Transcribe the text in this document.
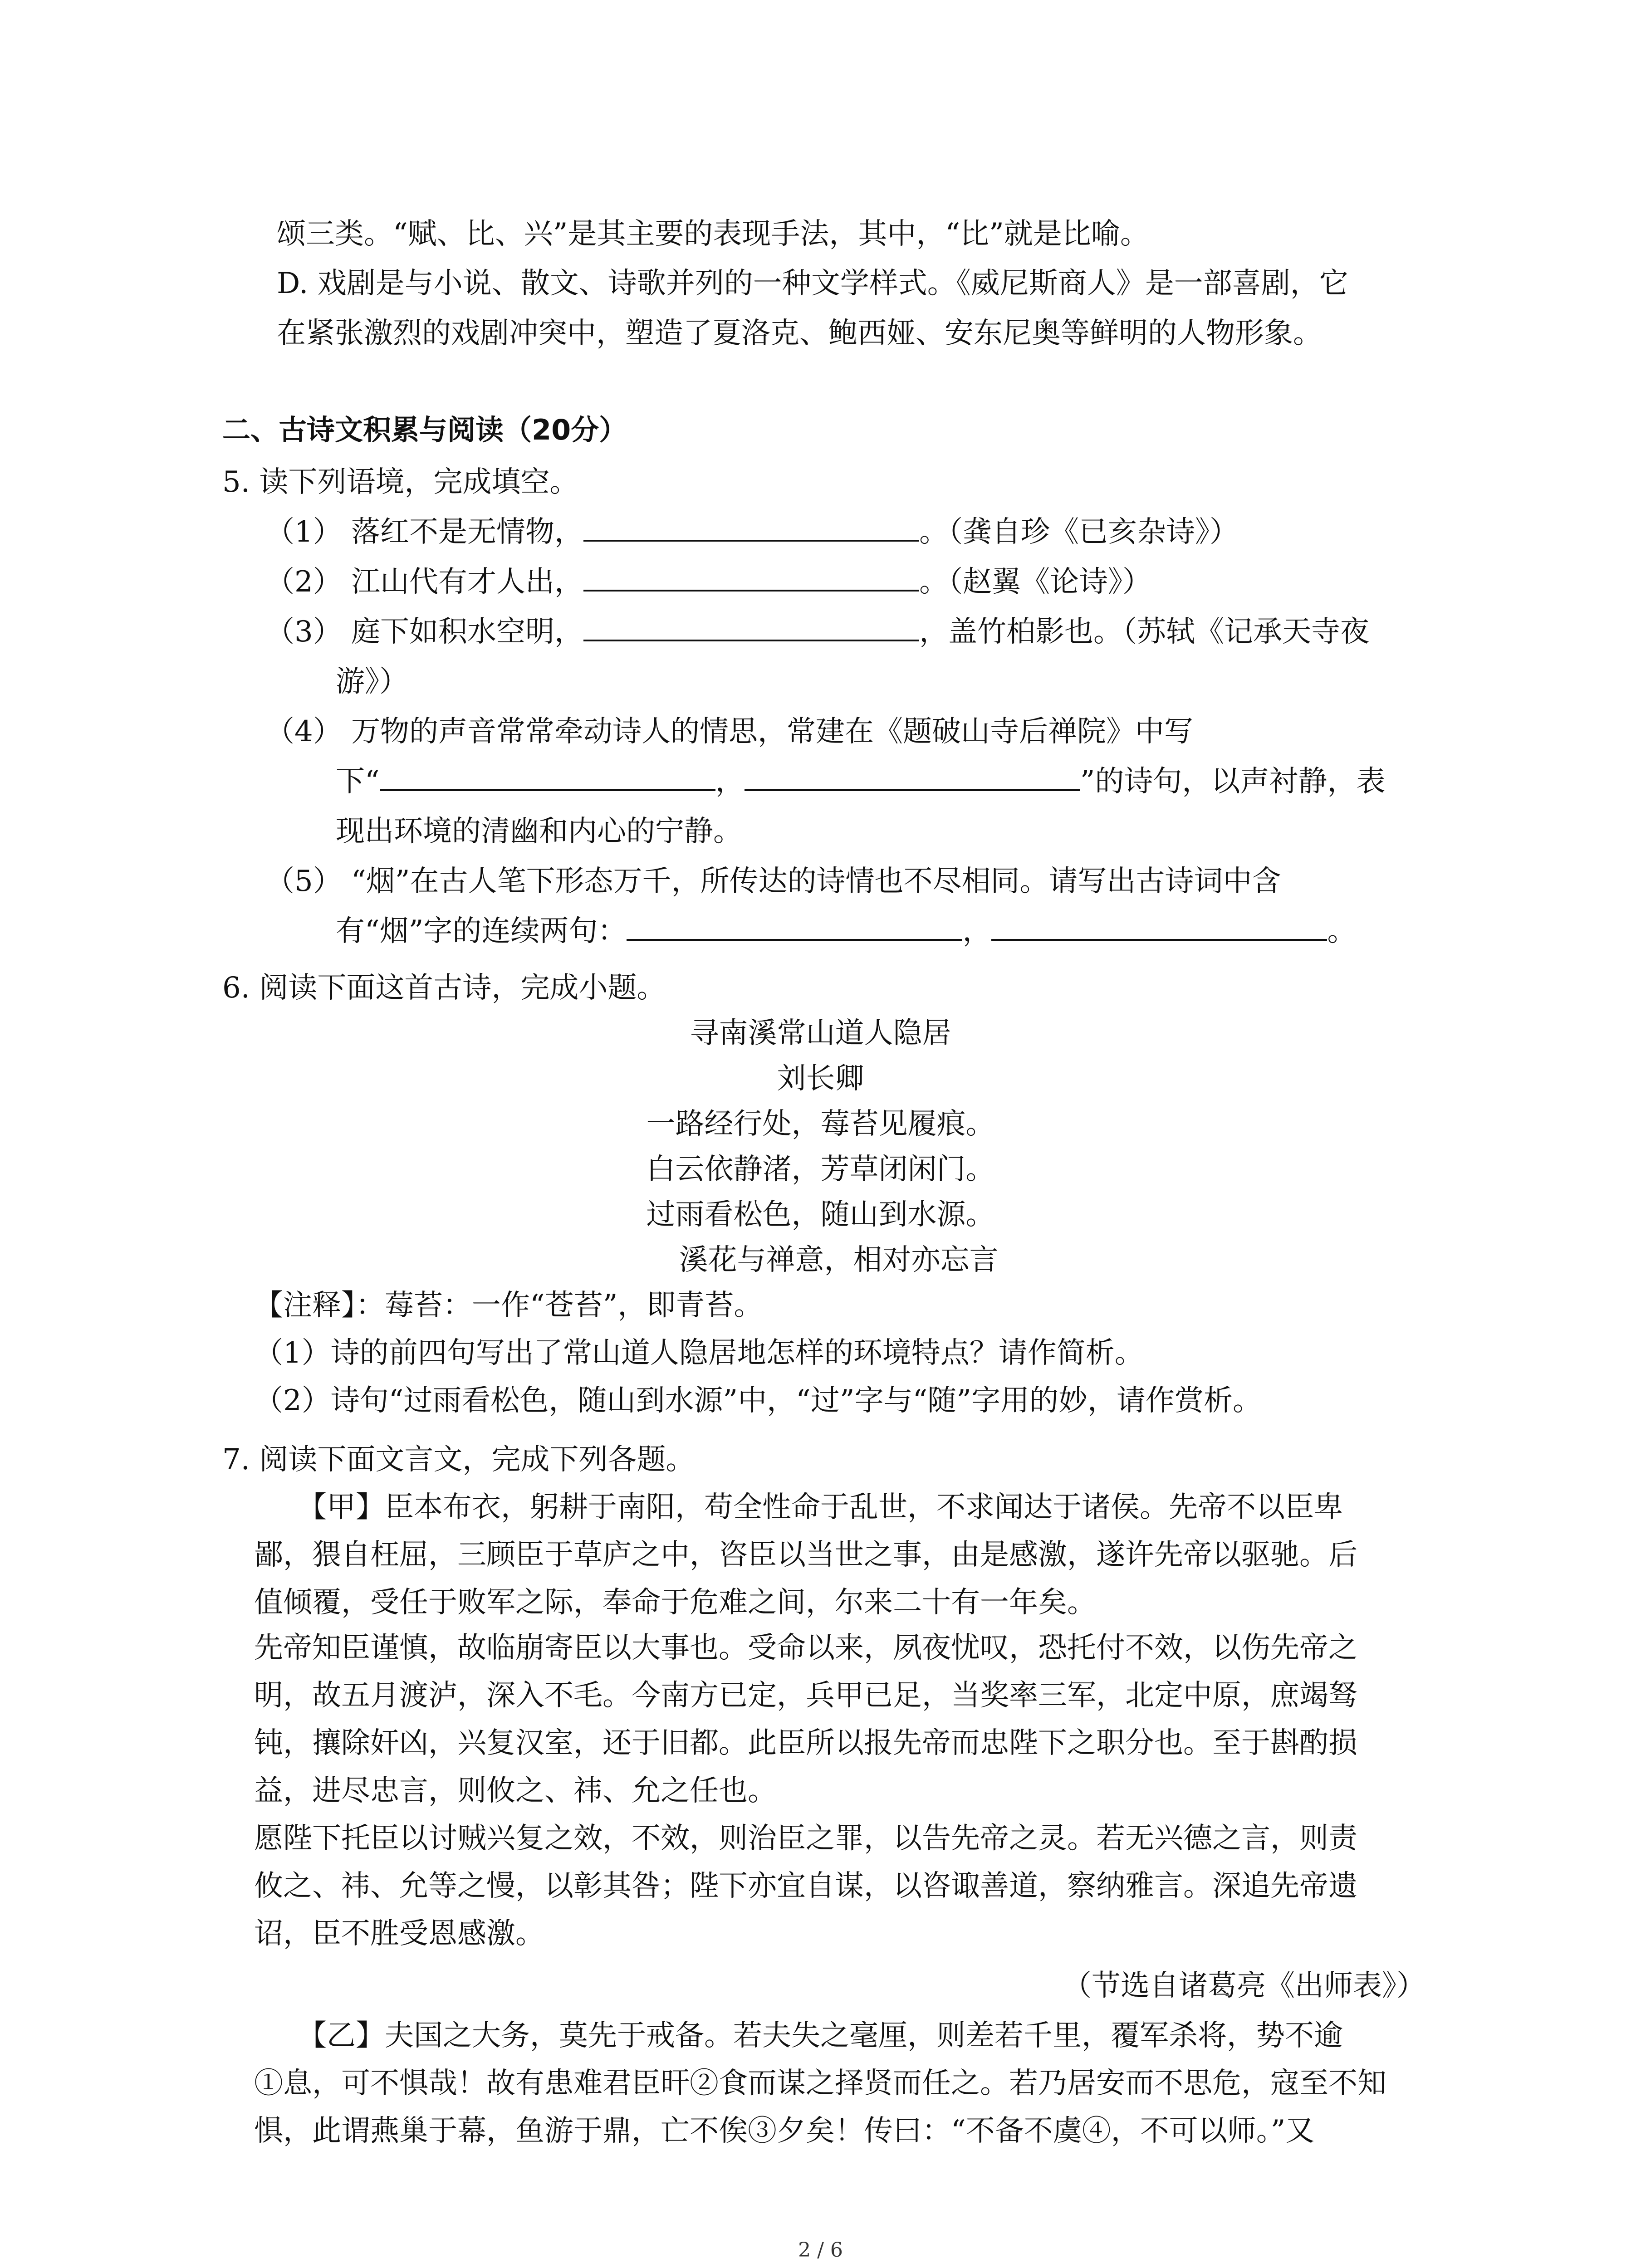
颂三类。“赋、比、兴”是其主要的表现手法，其中，“比”就是比喻。
D. 戏剧是与小说、散文、诗歌并列的一种文学样式。《威尼斯商人》是一部喜剧，它
在紧张激烈的戏剧冲突中，塑造了夏洛克、鲍西娅、安东尼奥等鲜明的人物形象。
二、古诗文积累与阅读（20分）
5. 读下列语境，完成填空。
（1） 落红不是无情物，	。（龚自珍《已亥杂诗》）
（2） 江山代有才人出，	。（赵翼《论诗》）
（3） 庭下如积水空明，	，盖竹柏影也。（苏轼《记承天寺夜
游》）
（4） 万物的声音常常牵动诗人的情思，常建在《题破山寺后禅院》中写
下“	，	”的诗句，以声衬静，表
现出环境的清幽和内心的宁静。
（5） “烟”在古人笔下形态万千，所传达的诗情也不尽相同。请写出古诗词中含
有“烟”字的连续两句：	，	。
6. 阅读下面这首古诗，完成小题。
寻南溪常山道人隐居
刘长卿
一路经行处，莓苔见履痕。
白云依静渚，芳草闭闲门。
过雨看松色，随山到水源。
溪花与禅意，相对亦忘言
【注释】：莓苔：一作“苍苔”，即青苔。
（1）诗的前四句写出了常山道人隐居地怎样的环境特点？请作简析。
（2）诗句“过雨看松色，随山到水源”中，“过”字与“随”字用的妙，请作赏析。
7. 阅读下面文言文，完成下列各题。
　　【甲】臣本布衣，躬耕于南阳，苟全性命于乱世，不求闻达于诸侯。先帝不以臣卑
鄙，猥自枉屈，三顾臣于草庐之中，咨臣以当世之事，由是感激，遂许先帝以驱驰。后
值倾覆，受任于败军之际，奉命于危难之间，尔来二十有一年矣。
先帝知臣谨慎，故临崩寄臣以大事也。受命以来，夙夜忧叹，恐托付不效，以伤先帝之
明，故五月渡泸，深入不毛。今南方已定，兵甲已足，当奖率三军，北定中原，庶竭驽
钝，攘除奸凶，兴复汉室，还于旧都。此臣所以报先帝而忠陛下之职分也。至于斟酌损
益，进尽忠言，则攸之、祎、允之任也。
愿陛下托臣以讨贼兴复之效，不效，则治臣之罪，以告先帝之灵。若无兴德之言，则责
攸之、祎、允等之慢，以彰其咎；陛下亦宜自谋，以咨诹善道，察纳雅言。深追先帝遗
诏，臣不胜受恩感激。
（节选自诸葛亮《出师表》）
　　【乙】夫国之大务，莫先于戒备。若夫失之毫厘，则差若千里，覆军杀将，势不逾
①息，可不惧哉！故有患难君臣旰②食而谋之择贤而任之。若乃居安而不思危，寇至不知
惧，此谓燕巢于幕，鱼游于鼎，亡不俟③夕矣！传曰：“不备不虞④，不可以师。”又
2 / 6
